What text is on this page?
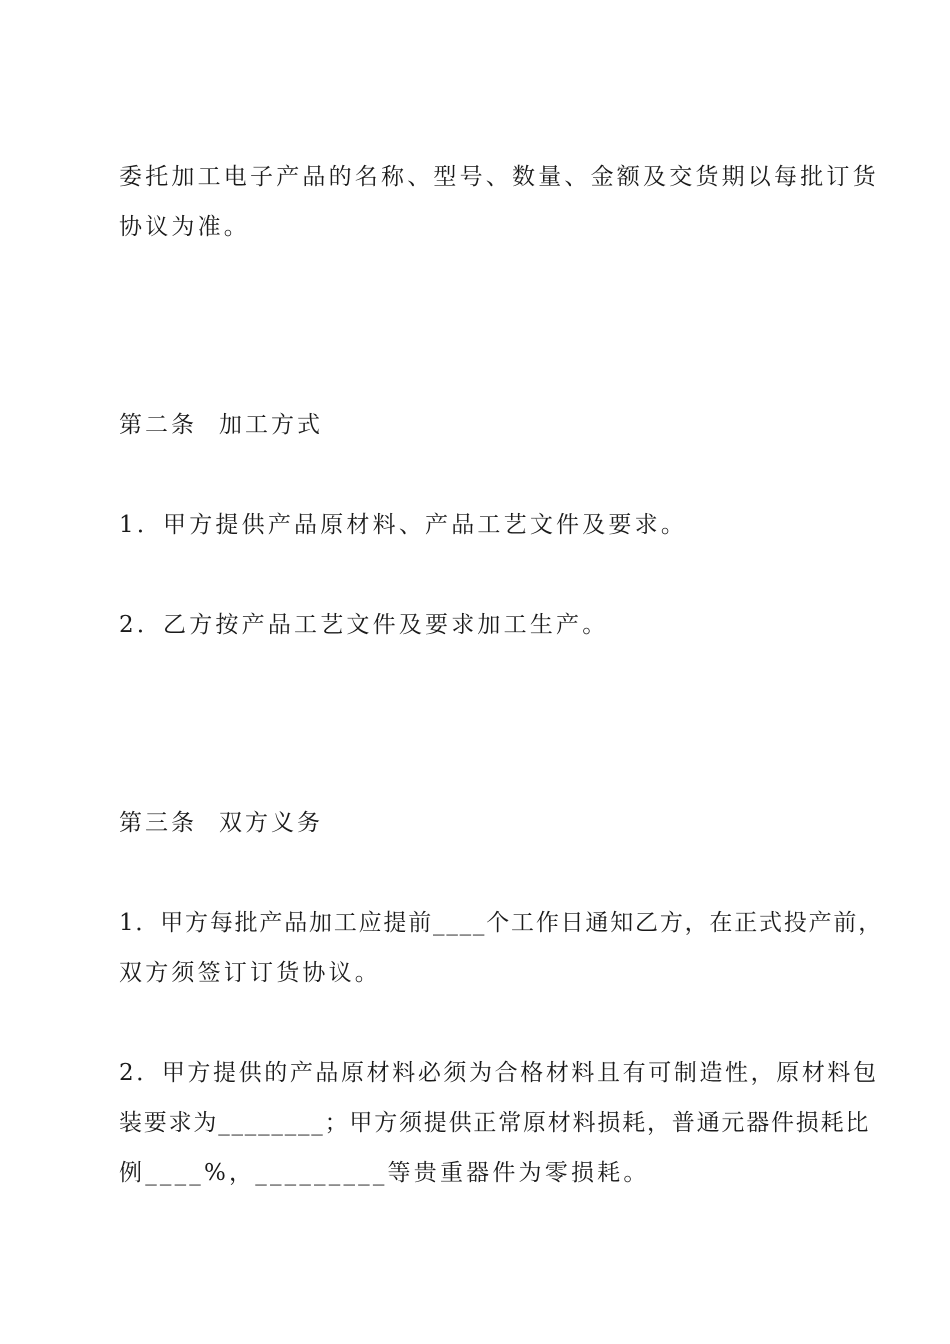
委托加工电子产品的名称、型号、数量、金额及交货期以每批订货
协议为准。
第二条 加工方式
1．甲方提供产品原材料、产品工艺文件及要求。
2．乙方按产品工艺文件及要求加工生产。
第三条 双方义务
1．甲方每批产品加工应提前____个工作日通知乙方，在正式投产前，
双方须签订订货协议。
2．甲方提供的产品原材料必须为合格材料且有可制造性，原材料包
装要求为________；甲方须提供正常原材料损耗，普通元器件损耗比
例____%，_________等贵重器件为零损耗。
